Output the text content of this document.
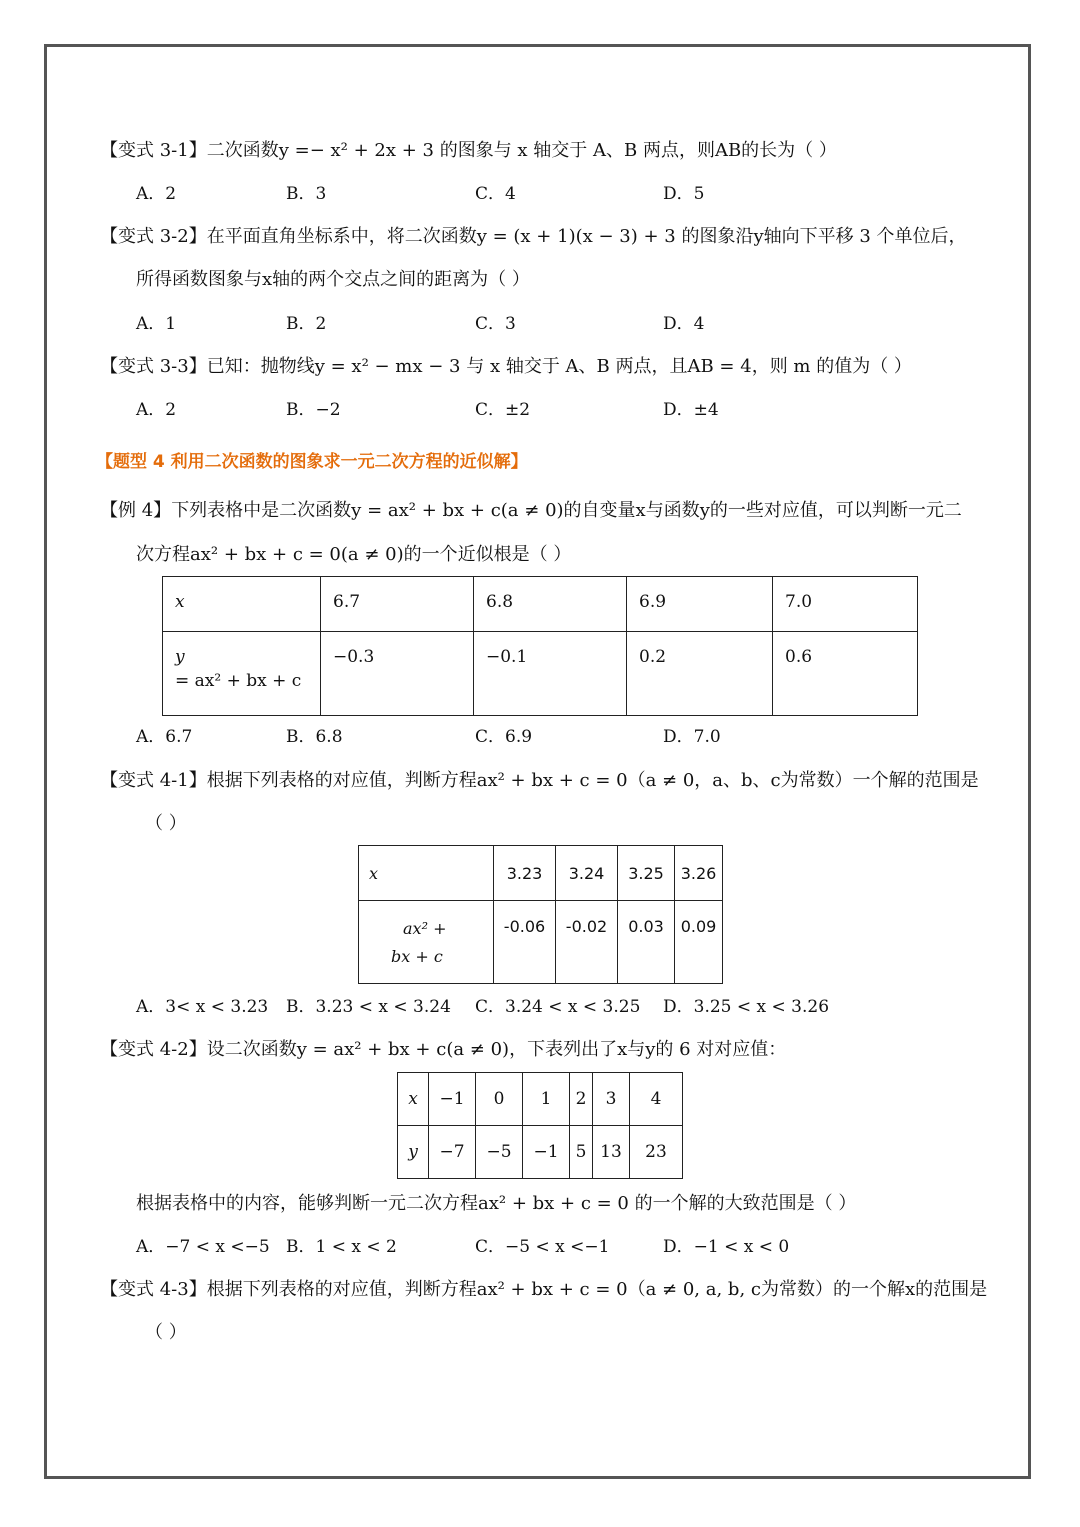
【变式 3-1】二次函数y =− x² + 2x + 3 的图象与 x 轴交于 A、B 两点，则AB的长为（ ）
A．2	B．3	C．4	D．5
【变式 3-2】在平面直角坐标系中，将二次函数y = (x + 1)(x − 3) + 3 的图象沿y轴向下平移 3 个单位后，
所得函数图象与x轴的两个交点之间的距离为（ ）
A．1	B．2	C．3	D．4
【变式 3-3】已知：抛物线y = x² − mx − 3 与 x 轴交于 A、B 两点，且AB = 4，则 m 的值为（ ）
A．2	B．−2	C．±2	D．±4
【题型 4 利用二次函数的图象求一元二次方程的近似解】
【例 4】下列表格中是二次函数y = ax² + bx + c(a ≠ 0)的自变量x与函数y的一些对应值，可以判断一元二
次方程ax² + bx + c = 0(a ≠ 0)的一个近似根是（ ）
x	6.7	6.8	6.9	7.0

y
= ax² + bx + c	−0.3	−0.1	0.2	0.6
A．6.7	B．6.8	C．6.9	D．7.0
【变式 4-1】根据下列表格的对应值，判断方程ax² + bx + c = 0（a ≠ 0，a、b、c为常数）一个解的范围是
（ ）
x	3.23	3.24	3.25	3.26

ax² +
bx + c	-0.06	-0.02	0.03	0.09
A．3< x < 3.23 B．3.23 < x < 3.24 C．3.24 < x < 3.25 D．3.25 < x < 3.26
【变式 4-2】设二次函数y = ax² + bx + c(a ≠ 0)，下表列出了x与y的 6 对对应值：
x	−1	0	1	2	3	4
y	−7	−5	−1	5	13	23
根据表格中的内容，能够判断一元二次方程ax² + bx + c = 0 的一个解的大致范围是（ ）
A．−7 < x <−5 B．1 < x < 2	C．−5 < x <−1	D．−1 < x < 0
【变式 4-3】根据下列表格的对应值，判断方程ax² + bx + c = 0（a ≠ 0, a, b, c为常数）的一个解x的范围是
（ ）
